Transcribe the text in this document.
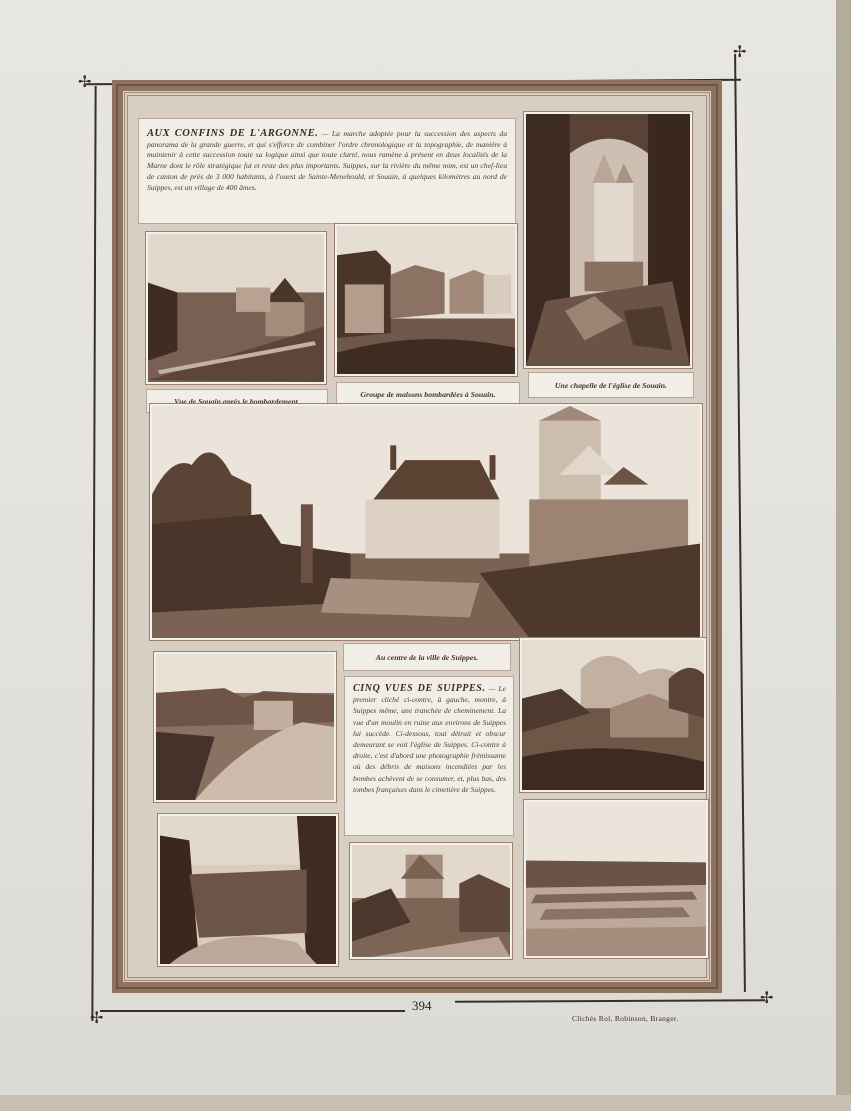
✢
✢
✢
✢
AUX CONFINS DE L'ARGONNE. — La marche adoptée pour la succession des aspects du panorama de la grande guerre, et qui s'efforce de combiner l'ordre chronologique et la topographie, de manière à maintenir à cette succession toute sa logique ainsi que toute clarté, nous ramène à présent en deux localités de la Marne dont le rôle stratégique fut et reste des plus importants. Suippes, sur la rivière du même nom, est un chef-lieu de canton de près de 3 000 habitants, à l'ouest de Sainte-Menehould, et Souain, à quelques kilomètres au nord de Suippes, est un village de 400 âmes.
Une chapelle de l'église de Souain.
Vue de Souain après le bombardement.
Groupe de maisons bombardées à Souain.
Au centre de la ville de Suippes.
CINQ VUES DE SUIPPES. — Le premier cliché ci-contre, à gauche, montre, à Suippes même, une tranchée de cheminement. La vue d'un moulin en ruine aux environs de Suippes lui succède. Ci-dessous, tout détruit et obscur demeurant se voit l'église de Suippes. Ci-contre à droite, c'est d'abord une photographie frémissante où des débris de maisons incendiées par les bombes achèvent de se consumer, et, plus bas, des tombes françaises dans le cimetière de Suippes.
394
Clichés Rol, Robinson, Branger.
